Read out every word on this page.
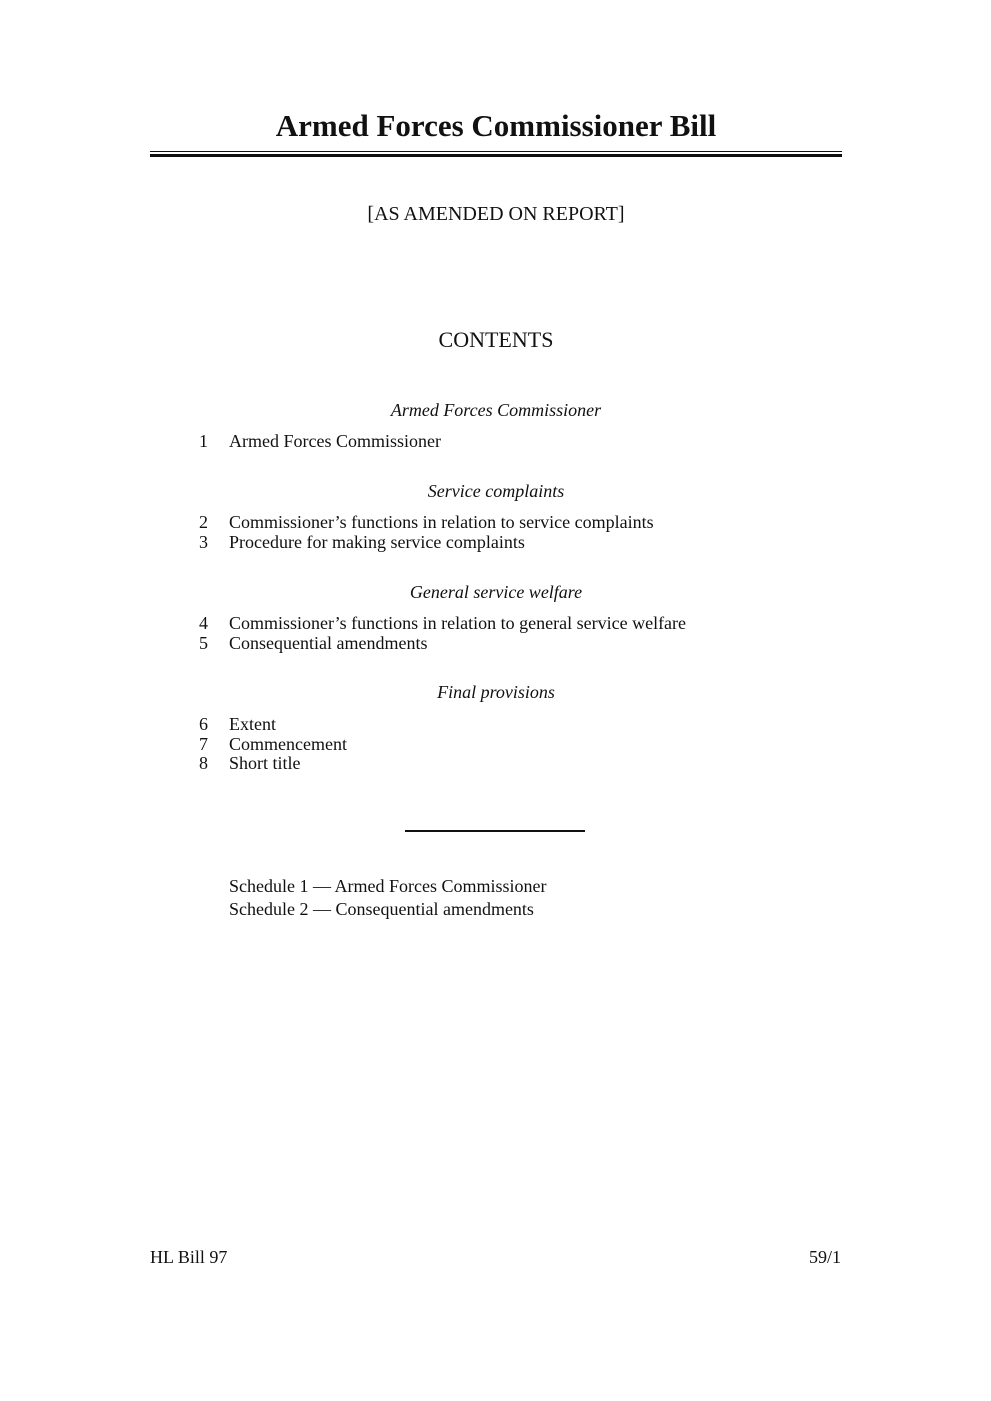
Armed Forces Commissioner Bill
[AS AMENDED ON REPORT]
CONTENTS
Armed Forces Commissioner
1 Armed Forces Commissioner
Service complaints
2 Commissioner’s functions in relation to service complaints
3 Procedure for making service complaints
General service welfare
4 Commissioner’s functions in relation to general service welfare
5 Consequential amendments
Final provisions
6 Extent
7 Commencement
8 Short title
Schedule 1 — Armed Forces Commissioner
Schedule 2 — Consequential amendments
HL Bill 97	59/1
